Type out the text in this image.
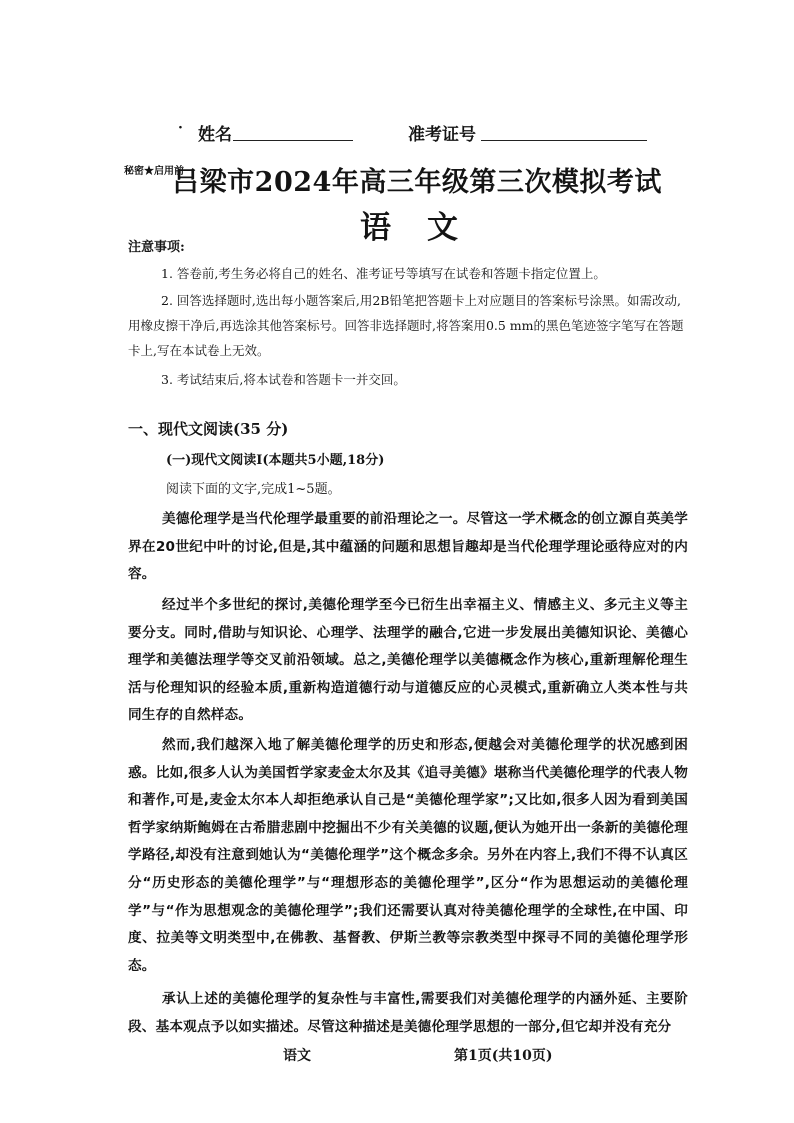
· 姓名	准考证号
秘密★启用前
吕梁市2024年高三年级第三次模拟考试
语文
注意事项:
1. 答卷前,考生务必将自己的姓名、准考证号等填写在试卷和答题卡指定位置上。
2. 回答选择题时,选出每小题答案后,用2B铅笔把答题卡上对应题目的答案标号涂黑。如需改动,用橡皮擦干净后,再选涂其他答案标号。回答非选择题时,将答案用0.5 mm的黑色笔迹签字笔写在答题卡上,写在本试卷上无效。
3. 考试结束后,将本试卷和答题卡一并交回。
一、现代文阅读(35 分)
(一)现代文阅读Ⅰ(本题共5小题,18分)
阅读下面的文字,完成1~5题。
美德伦理学是当代伦理学最重要的前沿理论之一。尽管这一学术概念的创立源自英美学界在20世纪中叶的讨论,但是,其中蕴涵的问题和思想旨趣却是当代伦理学理论亟待应对的内容。
经过半个多世纪的探讨,美德伦理学至今已衍生出幸福主义、情感主义、多元主义等主要分支。同时,借助与知识论、心理学、法理学的融合,它进一步发展出美德知识论、美德心理学和美德法理学等交叉前沿领域。总之,美德伦理学以美德概念作为核心,重新理解伦理生活与伦理知识的经验本质,重新构造道德行动与道德反应的心灵模式,重新确立人类本性与共同生存的自然样态。
然而,我们越深入地了解美德伦理学的历史和形态,便越会对美德伦理学的状况感到困惑。比如,很多人认为美国哲学家麦金太尔及其《追寻美德》堪称当代美德伦理学的代表人物和著作,可是,麦金太尔本人却拒绝承认自己是“美德伦理学家”;又比如,很多人因为看到美国哲学家纳斯鲍姆在古希腊悲剧中挖掘出不少有关美德的议题,便认为她开出一条新的美德伦理学路径,却没有注意到她认为“美德伦理学”这个概念多余。另外在内容上,我们不得不认真区分“历史形态的美德伦理学”与“理想形态的美德伦理学”,区分“作为思想运动的美德伦理学”与“作为思想观念的美德伦理学”;我们还需要认真对待美德伦理学的全球性,在中国、印度、拉美等文明类型中,在佛教、基督教、伊斯兰教等宗教类型中探寻不同的美德伦理学形态。
承认上述的美德伦理学的复杂性与丰富性,需要我们对美德伦理学的内涵外延、主要阶段、基本观点予以如实描述。尽管这种描述是美德伦理学思想的一部分,但它却并没有充分
语文	第1页(共10页)
